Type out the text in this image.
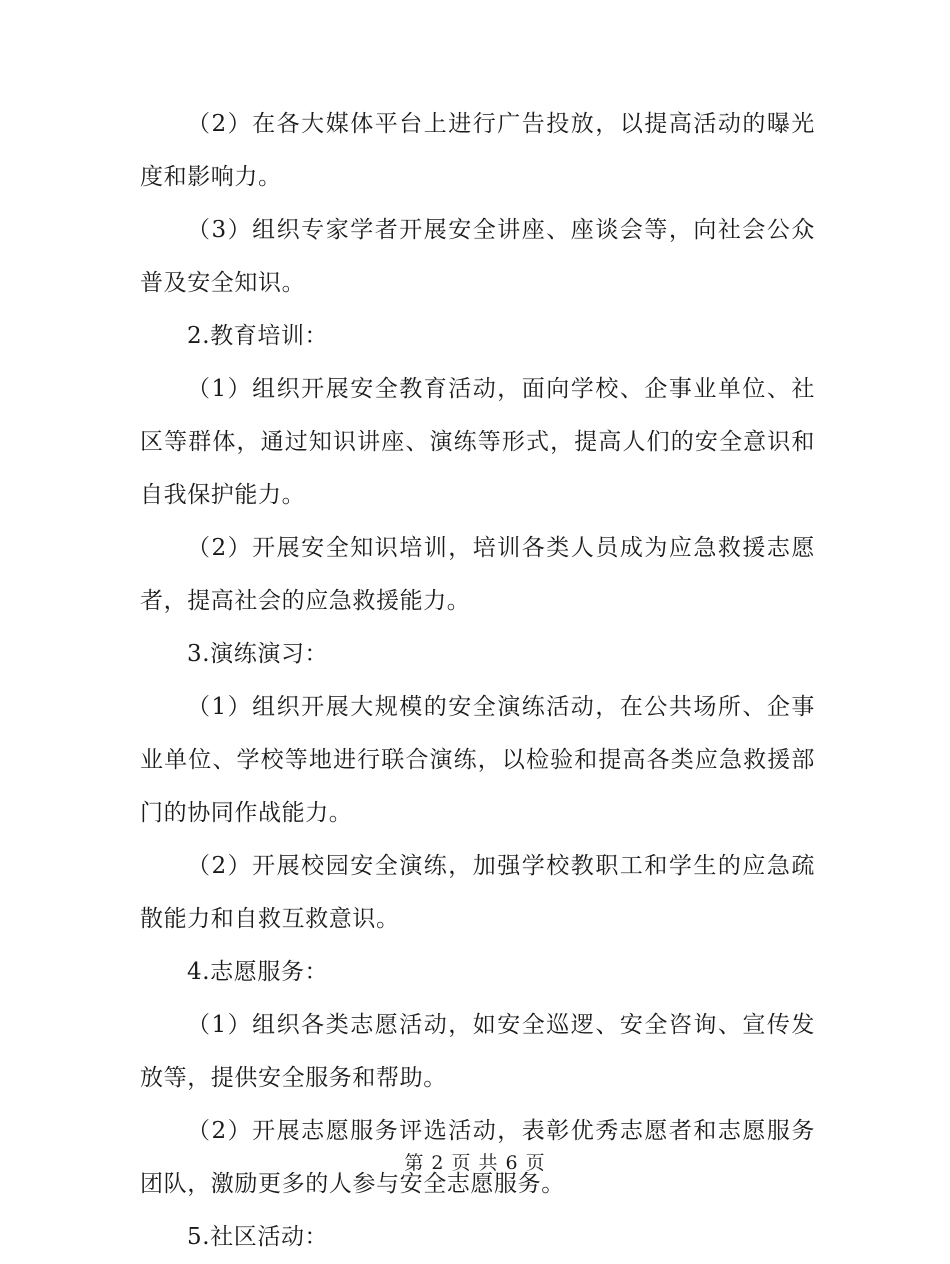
（2）在各大媒体平台上进行广告投放，以提高活动的曝光度和影响力。

（3）组织专家学者开展安全讲座、座谈会等，向社会公众普及安全知识。

2.教育培训：

（1）组织开展安全教育活动，面向学校、企事业单位、社区等群体，通过知识讲座、演练等形式，提高人们的安全意识和自我保护能力。

（2）开展安全知识培训，培训各类人员成为应急救援志愿者，提高社会的应急救援能力。

3.演练演习：

（1）组织开展大规模的安全演练活动，在公共场所、企事业单位、学校等地进行联合演练，以检验和提高各类应急救援部门的协同作战能力。

（2）开展校园安全演练，加强学校教职工和学生的应急疏散能力和自救互救意识。

4.志愿服务：

（1）组织各类志愿活动，如安全巡逻、安全咨询、宣传发放等，提供安全服务和帮助。

（2）开展志愿服务评选活动，表彰优秀志愿者和志愿服务团队，激励更多的人参与安全志愿服务。

5.社区活动：

第 2 页 共 6 页
